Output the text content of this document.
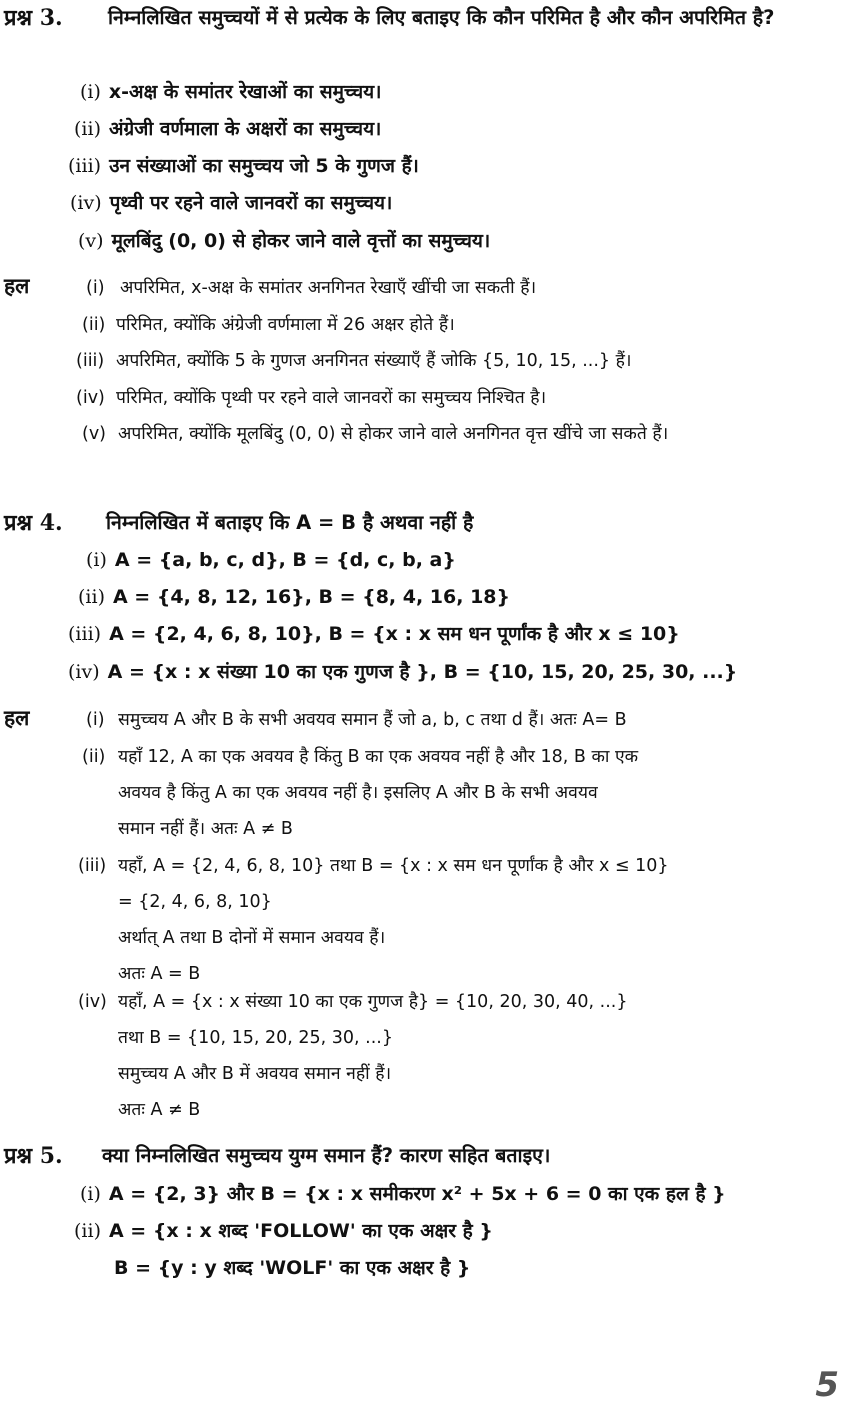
प्रश्न 3.	निम्नलिखित समुच्चयों में से प्रत्येक के लिए बताइए कि कौन परिमित है और कौन अपरिमित है?
(i) x-अक्ष के समांतर रेखाओं का समुच्चय।
(ii) अंग्रेजी वर्णमाला के अक्षरों का समुच्चय।
(iii) उन संख्याओं का समुच्चय जो 5 के गुणज हैं।
(iv) पृथ्वी पर रहने वाले जानवरों का समुच्चय।
(v) मूलबिंदु (0, 0) से होकर जाने वाले वृत्तों का समुच्चय।
हल	(i) अपरिमित, x-अक्ष के समांतर अनगिनत रेखाएँ खींची जा सकती हैं।
(ii) परिमित, क्योंकि अंग्रेजी वर्णमाला में 26 अक्षर होते हैं।
(iii) अपरिमित, क्योंकि 5 के गुणज अनगिनत संख्याएँ हैं जोकि {5, 10, 15, ...} हैं।
(iv) परिमित, क्योंकि पृथ्वी पर रहने वाले जानवरों का समुच्चय निश्चित है।
(v) अपरिमित, क्योंकि मूलबिंदु (0, 0) से होकर जाने वाले अनगिनत वृत्त खींचे जा सकते हैं।
प्रश्न 4. निम्नलिखित में बताइए कि A = B है अथवा नहीं है
(i) A = {a, b, c, d}, B = {d, c, b, a}
(ii) A = {4, 8, 12, 16}, B = {8, 4, 16, 18}
(iii) A = {2, 4, 6, 8, 10}, B = {x : x सम धन पूर्णांक है और x ≤ 10}
(iv) A = {x : x संख्या 10 का एक गुणज है }, B = {10, 15, 20, 25, 30, ...}
हल	(i) समुच्चय A और B के सभी अवयव समान हैं जो a, b, c तथा d हैं। अतः A= B
(ii) यहाँ 12, A का एक अवयव है किंतु B का एक अवयव नहीं है और 18, B का एक
अवयव है किंतु A का एक अवयव नहीं है। इसलिए A और B के सभी अवयव
समान नहीं हैं। अतः A ≠ B
(iii) यहाँ, A = {2, 4, 6, 8, 10} तथा B = {x : x सम धन पूर्णांक है और x ≤ 10}
= {2, 4, 6, 8, 10}
अर्थात् A तथा B दोनों में समान अवयव हैं।
अतः A = B
(iv) यहाँ, A = {x : x संख्या 10 का एक गुणज है} = {10, 20, 30, 40, ...}
तथा B = {10, 15, 20, 25, 30, ...}
समुच्चय A और B में अवयव समान नहीं हैं।
अतः A ≠ B
प्रश्न 5. क्या निम्नलिखित समुच्चय युग्म समान हैं? कारण सहित बताइए।
(i) A = {2, 3} और B = {x : x समीकरण x² + 5x + 6 = 0 का एक हल है }
(ii) A = {x : x शब्द 'FOLLOW' का एक अक्षर है }
B = {y : y शब्द 'WOLF' का एक अक्षर है }
5
